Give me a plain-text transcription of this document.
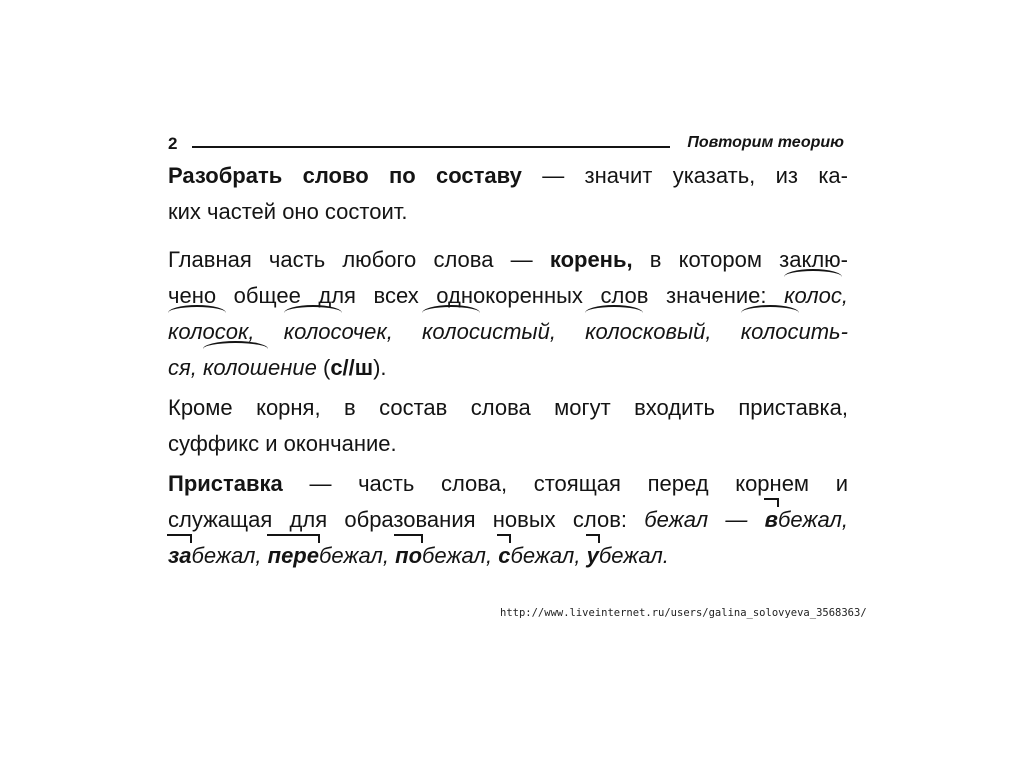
2	Повторим теорию
Разобрать слово по составу — значит указать, из ка-
ких частей оно состоит.
Главная часть любого слова — корень, в котором заклю-
чено общее для всех однокоренных слов значение: колос,
колосок, колосочек, колосистый, колосковый, колосить-
ся, колошение (с//ш).
Кроме корня, в состав слова могут входить приставка,
суффикс и окончание.
Приставка — часть слова, стоящая перед корнем и
служащая для образования новых слов: бежал — вбежал,
забежал, перебежал, побежал, сбежал, убежал.
http://www.liveinternet.ru/users/galina_solovyeva_3568363/
